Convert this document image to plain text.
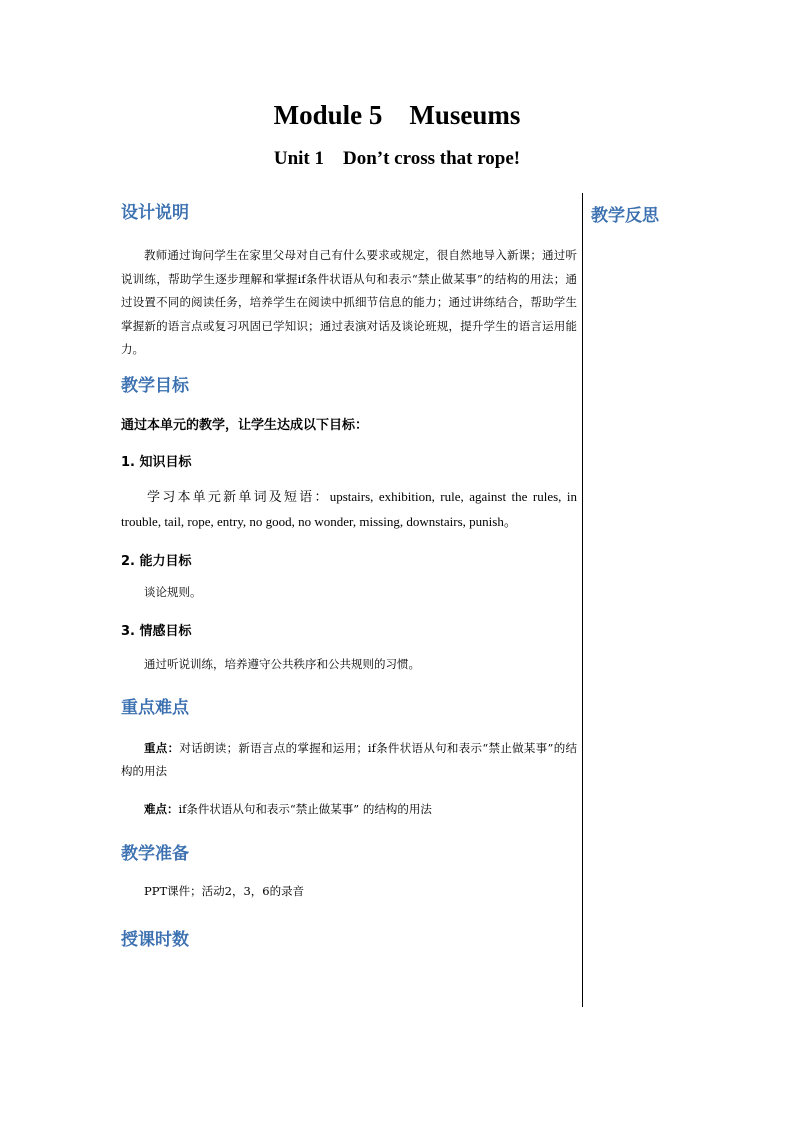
Module 5 Museums
Unit 1 Don’t cross that rope!
教学反思
设计说明

教师通过询问学生在家里父母对自己有什么要求或规定，很自然地导入新课；通过听说训练，帮助学生逐步理解和掌握if条件状语从句和表示“禁止做某事”的结构的用法；通过设置不同的阅读任务，培养学生在阅读中抓细节信息的能力；通过讲练结合，帮助学生掌握新的语言点或复习巩固已学知识；通过表演对话及谈论班规，提升学生的语言运用能力。

教学目标

通过本单元的教学，让学生达成以下目标：

1. 知识目标

学习本单元新单词及短语：upstairs, exhibition, rule, against the rules, in trouble, tail, rope, entry, no good, no wonder, missing, downstairs, punish。

2. 能力目标

谈论规则。

3. 情感目标

通过听说训练，培养遵守公共秩序和公共规则的习惯。

重点难点

重点：对话朗读；新语言点的掌握和运用；if条件状语从句和表示“禁止做某事”的结构的用法

难点：if条件状语从句和表示“禁止做某事” 的结构的用法

教学准备

PPT课件；活动2，3，6的录音

授课时数
